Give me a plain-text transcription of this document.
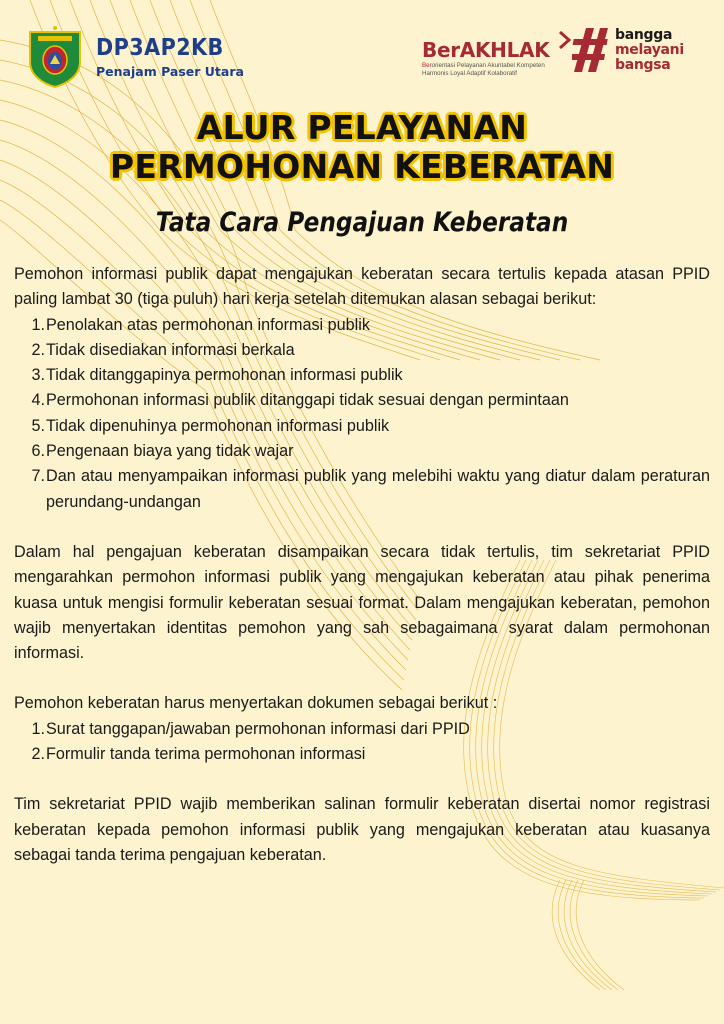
DP3AP2KB
Penajam Paser Utara
BerAKHLAK
Berorientasi Pelayanan Akuntabel Kompeten
Harmonis Loyal Adaptif Kolaboratif
bangga
melayani
bangsa
ALUR PELAYANAN
PERMOHONAN KEBERATAN
Tata Cara Pengajuan Keberatan

Pemohon informasi publik dapat mengajukan keberatan secara tertulis kepada atasan PPID paling lambat 30 (tiga puluh) hari kerja setelah ditemukan alasan sebagai berikut:

1. Penolakan atas permohonan informasi publik
2. Tidak disediakan informasi berkala
3. Tidak ditanggapinya permohonan informasi publik
4. Permohonan informasi publik ditanggapi tidak sesuai dengan permintaan
5. Tidak dipenuhinya permohonan informasi publik
6. Pengenaan biaya yang tidak wajar
7. Dan atau menyampaikan informasi publik yang melebihi waktu yang diatur dalam peraturan perundang-undangan

Dalam hal pengajuan keberatan disampaikan secara tidak tertulis, tim sekretariat PPID mengarahkan permohon informasi publik yang mengajukan keberatan atau pihak penerima kuasa untuk mengisi formulir keberatan sesuai format. Dalam mengajukan keberatan, pemohon wajib menyertakan identitas pemohon yang sah sebagaimana syarat dalam permohonan informasi.

Pemohon keberatan harus menyertakan dokumen sebagai berikut :

1. Surat tanggapan/jawaban permohonan informasi dari PPID
2. Formulir tanda terima permohonan informasi

Tim sekretariat PPID wajib memberikan salinan formulir keberatan disertai nomor registrasi keberatan kepada pemohon informasi publik yang mengajukan keberatan atau kuasanya sebagai tanda terima pengajuan keberatan.
